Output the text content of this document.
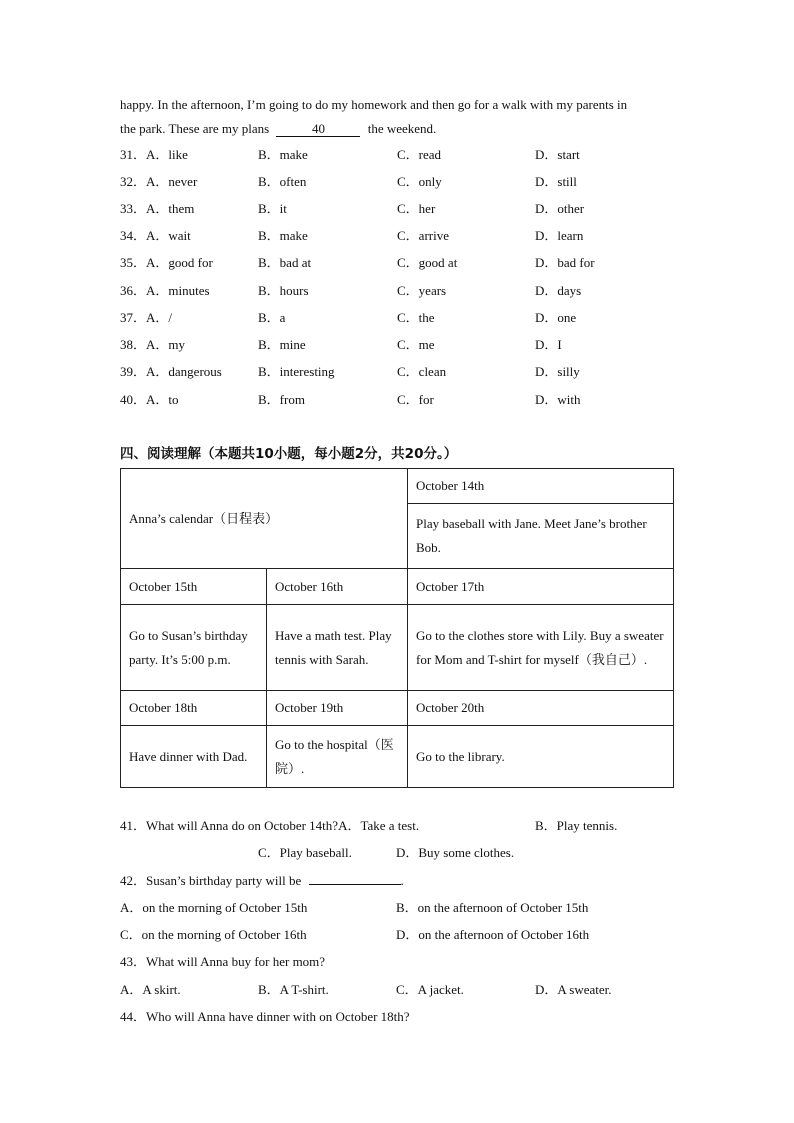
happy. In the afternoon, I’m going to do my homework and then go for a walk with my parents in
the park. These are my plans	40	the weekend.
31．A．like	B．make	C．read	D．start
32．A．never	B．often	C．only	D．still
33．A．them	B．it	C．her	D．other
34．A．wait	B．make	C．arrive	D．learn
35．A．good for	B．bad at	C．good at	D．bad for
36．A．minutes	B．hours	C．years	D．days
37．A．/	B．a	C．the	D．one
38．A．my	B．mine	C．me	D．I
39．A．dangerous	B．interesting	C．clean	D．silly
40．A．to	B．from	C．for	D．with
四、阅读理解（本题共10小题，每小题2分，共20分。）
Anna’s calendar（日程表）		October 14th
		Play baseball with Jane. Meet Jane’s brother Bob.
October 15th	October 16th	October 17th
Go to Susan’s birthday party. It’s 5:00 p.m.	Have a math test. Play tennis with Sarah.	Go to the clothes store with Lily. Buy a sweater for Mom and T-shirt for myself（我自己）.
October 18th	October 19th	October 20th
Have dinner with Dad.	Go to the hospital（医院）.	Go to the library.
41．What will Anna do on October 14th?A．Take a test.	B．Play tennis.
C．Play baseball.	D．Buy some clothes.
42．Susan’s birthday party will be	.
A．on the morning of October 15th	B．on the afternoon of October 15th
C．on the morning of October 16th	D．on the afternoon of October 16th
43．What will Anna buy for her mom?
A．A skirt.	B．A T-shirt.	C．A jacket.	D．A sweater.
44．Who will Anna have dinner with on October 18th?
